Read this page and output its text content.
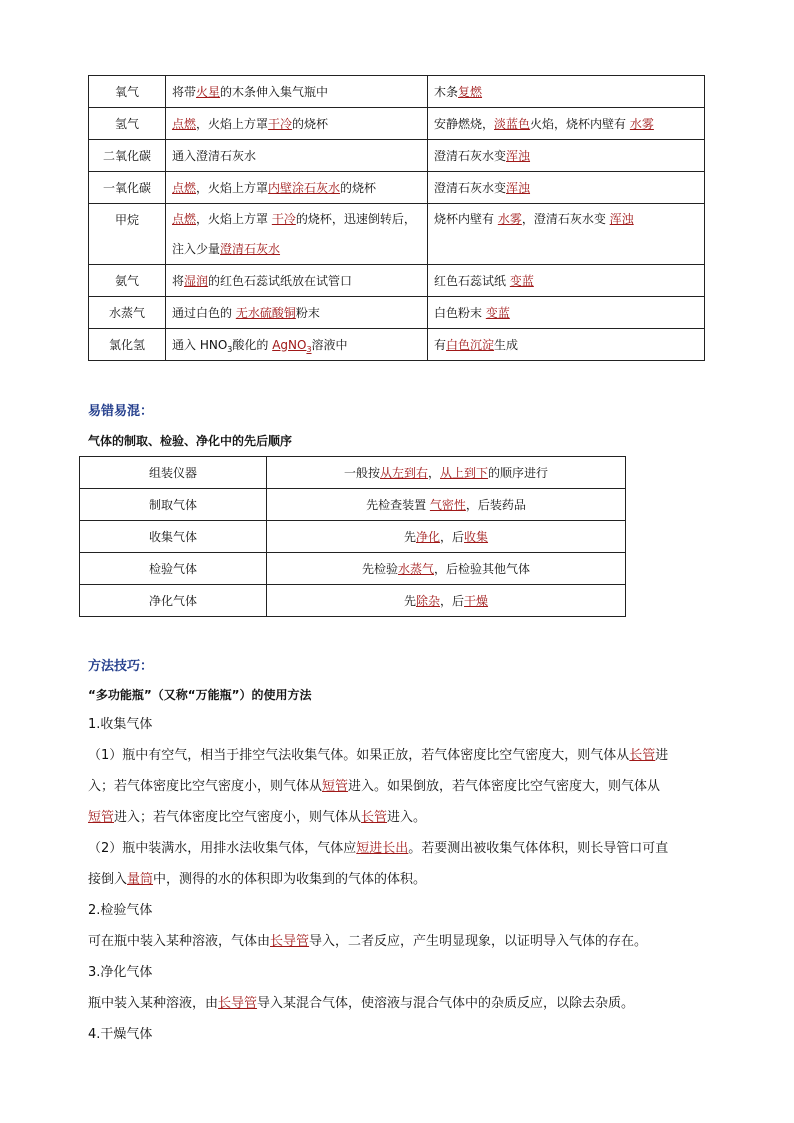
氧气	将带火星的木条伸入集气瓶中	木条复燃
氢气	点燃，火焰上方罩干冷的烧杯	安静燃烧，淡蓝色火焰，烧杯内壁有 水雾
二氧化碳	通入澄清石灰水	澄清石灰水变浑浊
一氧化碳	点燃，火焰上方罩内壁涂石灰水的烧杯	澄清石灰水变浑浊
甲烷	点燃，火焰上方罩 干冷的烧杯，迅速倒转后，注入少量澄清石灰水	烧杯内壁有 水雾，澄清石灰水变 浑浊
氨气	将湿润的红色石蕊试纸放在试管口	红色石蕊试纸 变蓝
水蒸气	通过白色的 无水硫酸铜粉末	白色粉末 变蓝
氯化氢	通入 $HNO_3$酸化的 AgNO$_3$溶液中	有白色沉淀生成
易错易混：
气体的制取、检验、净化中的先后顺序
组装仪器	一般按从左到右，从上到下的顺序进行
制取气体	先检查装置 气密性，后装药品
收集气体	先净化，后收集
检验气体	先检验水蒸气，后检验其他气体
净化气体	先除杂，后干燥
方法技巧：
“多功能瓶”（又称“万能瓶”）的使用方法
1.收集气体
（1）瓶中有空气，相当于排空气法收集气体。如果正放，若气体密度比空气密度大，则气体从长管进
入；若气体密度比空气密度小，则气体从短管进入。如果倒放，若气体密度比空气密度大，则气体从
短管进入；若气体密度比空气密度小，则气体从长管进入。
（2）瓶中装满水，用排水法收集气体，气体应短进长出。若要测出被收集气体体积，则长导管口可直
接倒入量筒中，测得的水的体积即为收集到的气体的体积。
2.检验气体
可在瓶中装入某种溶液，气体由长导管导入，二者反应，产生明显现象，以证明导入气体的存在。
3.净化气体
瓶中装入某种溶液，由长导管导入某混合气体，使溶液与混合气体中的杂质反应，以除去杂质。
4.干燥气体
